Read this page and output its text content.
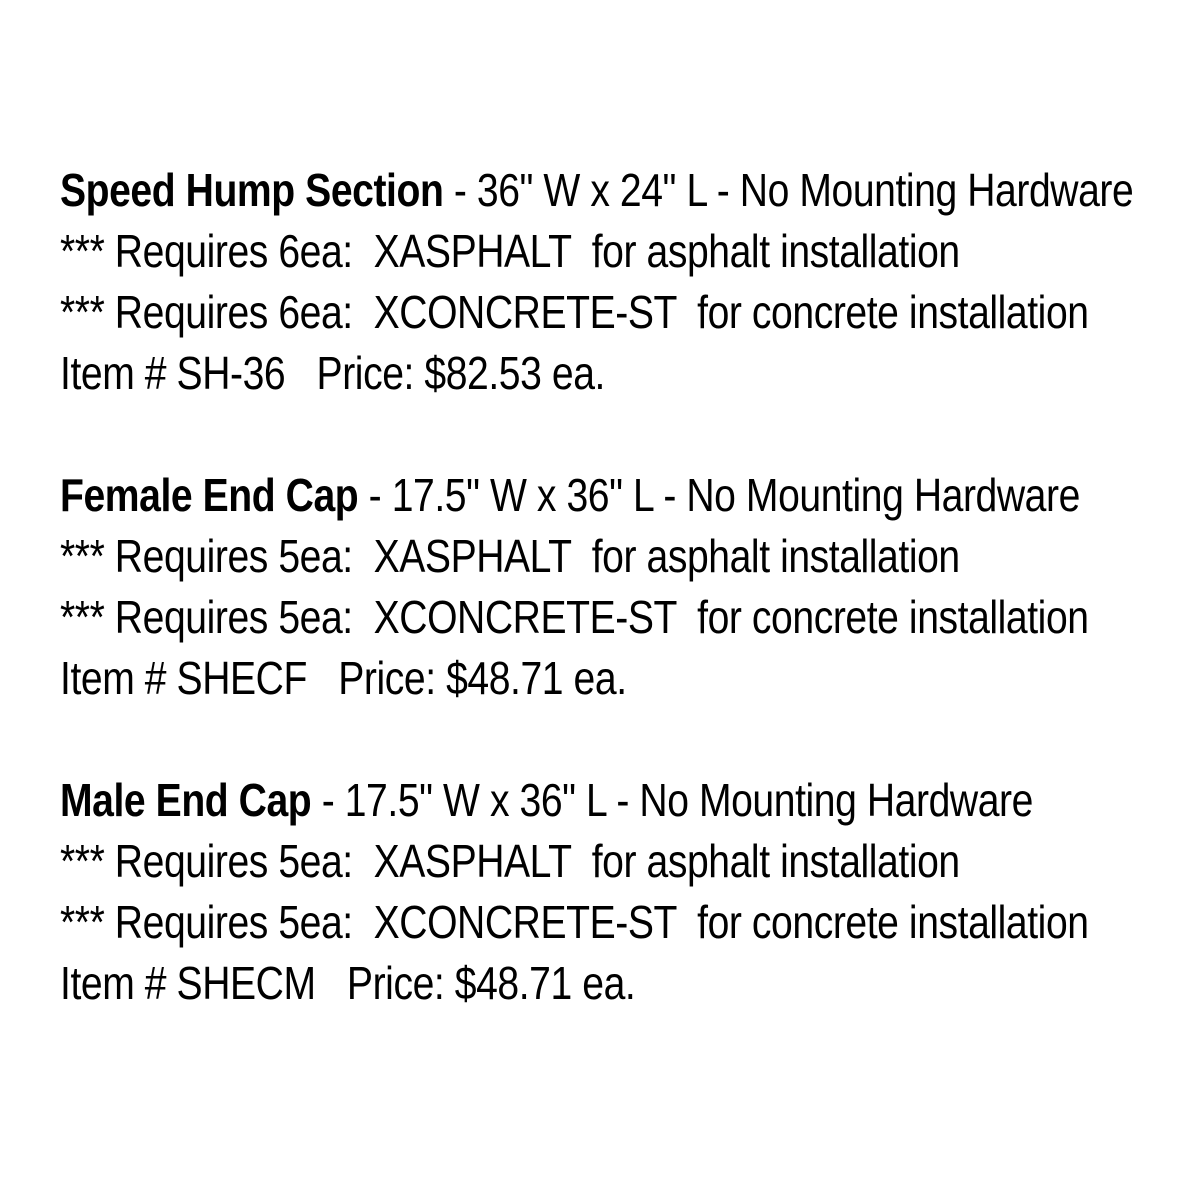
Speed Hump Section - 36" W x 24" L - No Mounting Hardware
*** Requires 6ea:  XASPHALT  for asphalt installation
*** Requires 6ea:  XCONCRETE-ST  for concrete installation
Item # SH-36   Price: $82.53 ea.
Female End Cap - 17.5" W x 36" L - No Mounting Hardware
*** Requires 5ea:  XASPHALT  for asphalt installation
*** Requires 5ea:  XCONCRETE-ST  for concrete installation
Item # SHECF   Price: $48.71 ea.
Male End Cap - 17.5" W x 36" L - No Mounting Hardware
*** Requires 5ea:  XASPHALT  for asphalt installation
*** Requires 5ea:  XCONCRETE-ST  for concrete installation
Item # SHECM   Price: $48.71 ea.
